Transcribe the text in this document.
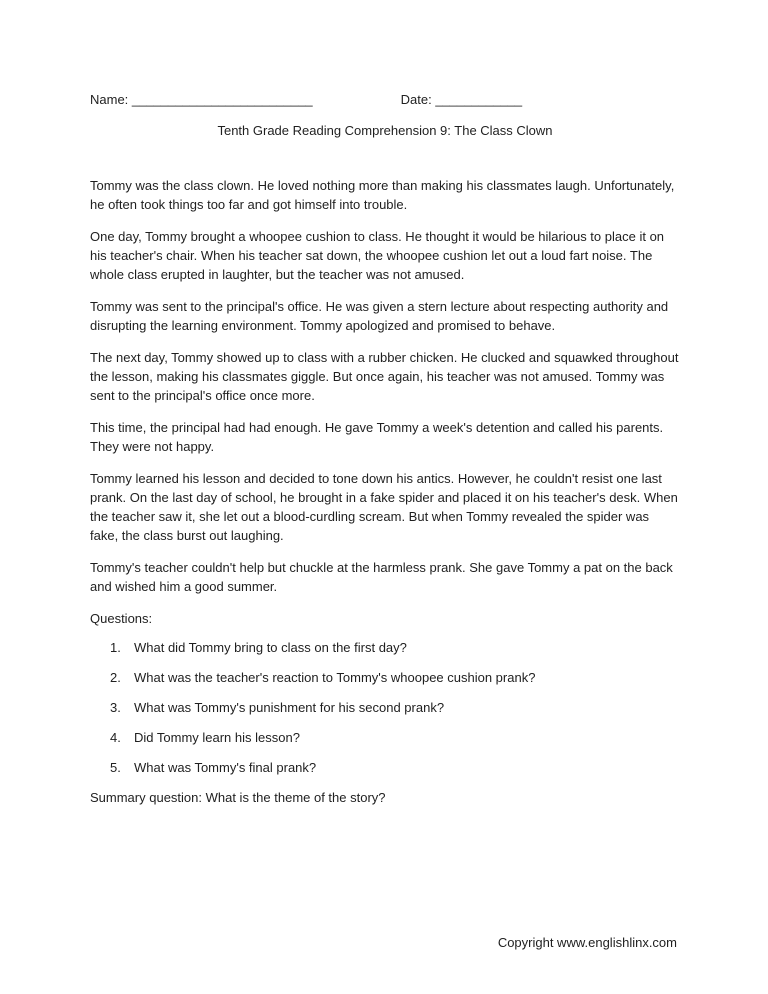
Name: _________________________	Date: ____________
Tenth Grade Reading Comprehension 9: The Class Clown

Tommy was the class clown. He loved nothing more than making his classmates laugh. Unfortunately, he often took things too far and got himself into trouble.

One day, Tommy brought a whoopee cushion to class. He thought it would be hilarious to place it on his teacher's chair. When his teacher sat down, the whoopee cushion let out a loud fart noise. The whole class erupted in laughter, but the teacher was not amused.

Tommy was sent to the principal's office. He was given a stern lecture about respecting authority and disrupting the learning environment. Tommy apologized and promised to behave.

The next day, Tommy showed up to class with a rubber chicken. He clucked and squawked throughout the lesson, making his classmates giggle. But once again, his teacher was not amused. Tommy was sent to the principal's office once more.

This time, the principal had had enough. He gave Tommy a week's detention and called his parents. They were not happy.

Tommy learned his lesson and decided to tone down his antics. However, he couldn't resist one last prank. On the last day of school, he brought in a fake spider and placed it on his teacher's desk. When the teacher saw it, she let out a blood-curdling scream. But when Tommy revealed the spider was fake, the class burst out laughing.

Tommy's teacher couldn't help but chuckle at the harmless prank. She gave Tommy a pat on the back and wished him a good summer.

Questions:

1.	What did Tommy bring to class on the first day?
2.	What was the teacher's reaction to Tommy's whoopee cushion prank?
3.	What was Tommy's punishment for his second prank?
4.	Did Tommy learn his lesson?
5.	What was Tommy's final prank?

Summary question: What is the theme of the story?

Copyright www.englishlinx.com
